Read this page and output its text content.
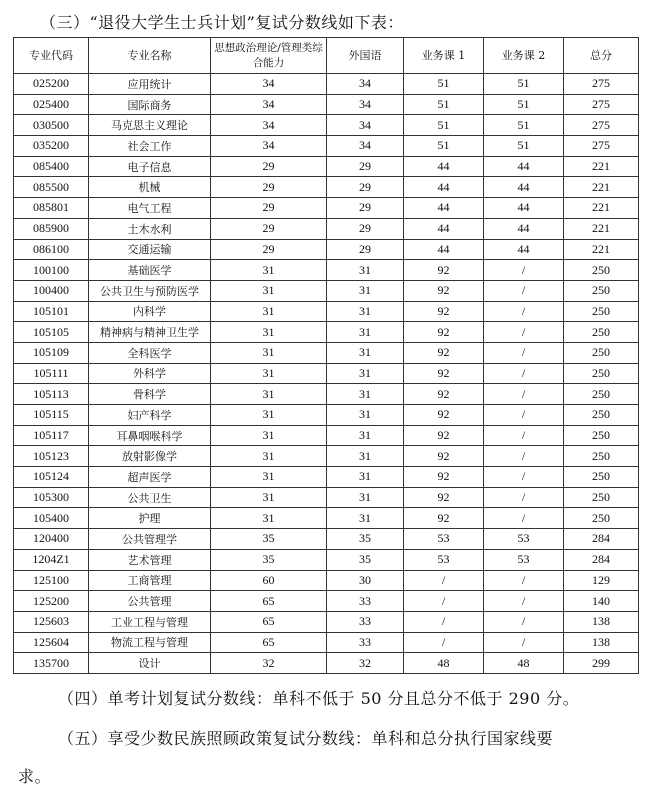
（三）“退役大学生士兵计划”复试分数线如下表：
专业代码	专业名称	思想政治理论/管理类综合能力	外国语	业务课 1	业务课 2	总分
025200	应用统计	34	34	51	51	275
025400	国际商务	34	34	51	51	275
030500	马克思主义理论	34	34	51	51	275
035200	社会工作	34	34	51	51	275
085400	电子信息	29	29	44	44	221
085500	机械	29	29	44	44	221
085801	电气工程	29	29	44	44	221
085900	土木水利	29	29	44	44	221
086100	交通运输	29	29	44	44	221
100100	基础医学	31	31	92	/	250
100400	公共卫生与预防医学	31	31	92	/	250
105101	内科学	31	31	92	/	250
105105	精神病与精神卫生学	31	31	92	/	250
105109	全科医学	31	31	92	/	250
105111	外科学	31	31	92	/	250
105113	骨科学	31	31	92	/	250
105115	妇产科学	31	31	92	/	250
105117	耳鼻咽喉科学	31	31	92	/	250
105123	放射影像学	31	31	92	/	250
105124	超声医学	31	31	92	/	250
105300	公共卫生	31	31	92	/	250
105400	护理	31	31	92	/	250
120400	公共管理学	35	35	53	53	284
1204Z1	艺术管理	35	35	53	53	284
125100	工商管理	60	30	/	/	129
125200	公共管理	65	33	/	/	140
125603	工业工程与管理	65	33	/	/	138
125604	物流工程与管理	65	33	/	/	138
135700	设计	32	32	48	48	299
（四）单考计划复试分数线：单科不低于 50 分且总分不低于 290 分。
（五）享受少数民族照顾政策复试分数线：单科和总分执行国家线要
求。
